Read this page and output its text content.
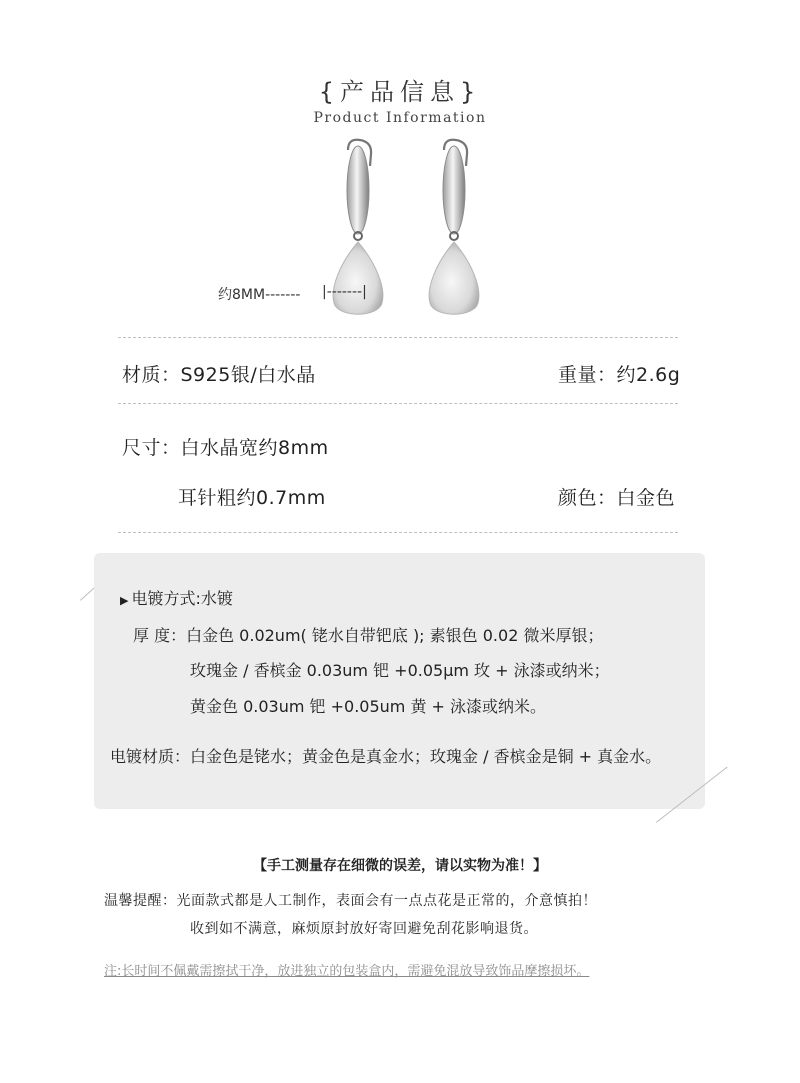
{产品信息}
Product Information
约8MM------- |-------|
材质：S925银/白水晶	重量：约2.6g
尺寸：白水晶宽约8mm
耳针粗约0.7mm	颜色：白金色
▶ 电镀方式:水镀
厚 度：白金色 0.02um( 铑水自带钯底 ); 素银色 0.02 微米厚银；
玫瑰金 / 香槟金 0.03um 钯 +0.05μm 玫 + 泳漆或纳米；
黄金色 0.03um 钯 +0.05um 黄 + 泳漆或纳米。
电镀材质：白金色是铑水；黄金色是真金水；玫瑰金 / 香槟金是铜 + 真金水。
【手工测量存在细微的误差，请以实物为准！】
温馨提醒：光面款式都是人工制作，表面会有一点点花是正常的，介意慎拍！
收到如不满意，麻烦原封放好寄回避免刮花影响退货。
注:长时间不佩戴需擦拭干净，放进独立的包装盒内，需避免混放导致饰品摩擦损坏。
